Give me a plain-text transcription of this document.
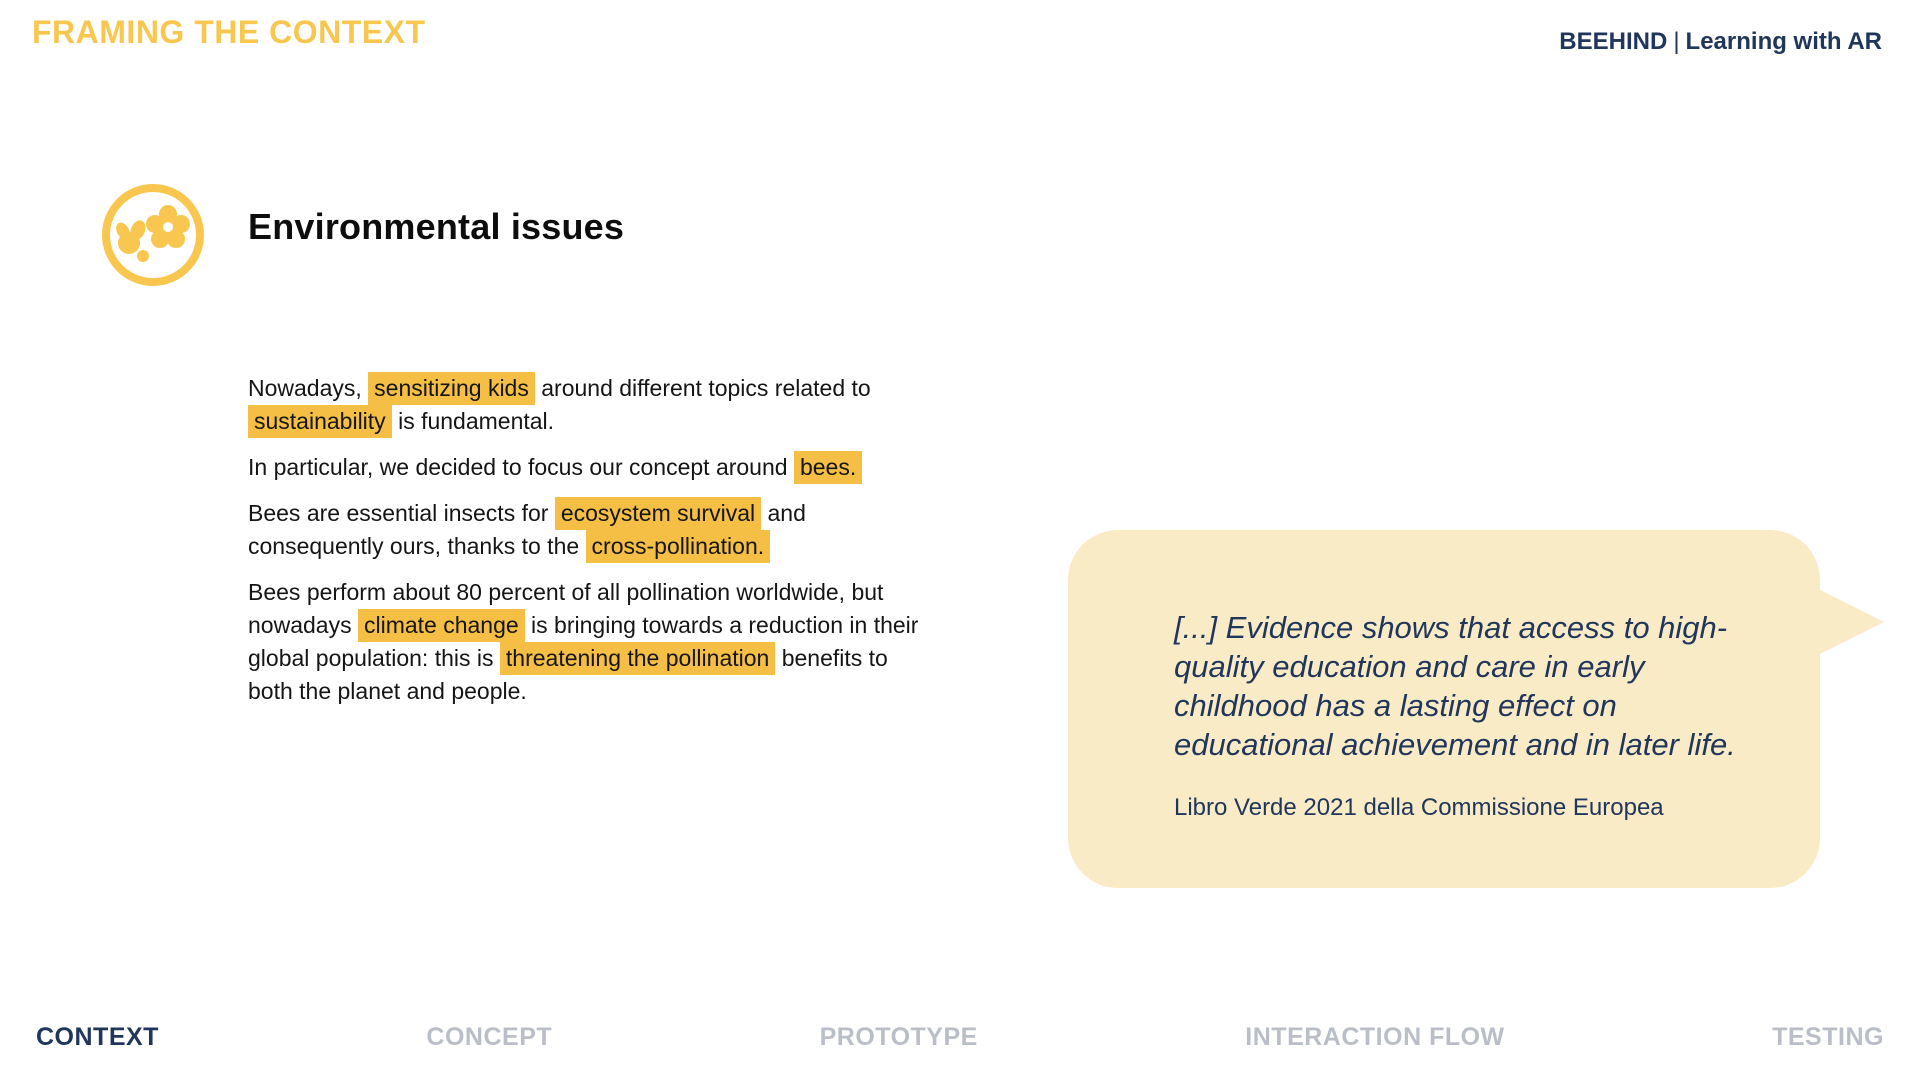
FRAMING THE CONTEXT	BEEHIND | Learning with AR
Environmental issues
Nowadays, sensitizing kids around different topics related to
sustainability is fundamental.
In particular, we decided to focus our concept around bees.
Bees are essential insects for ecosystem survival and
consequently ours, thanks to the cross-pollination.
Bees perform about 80 percent of all pollination worldwide, but
nowadays climate change is bringing towards a reduction in their
global population: this is threatening the pollination benefits to
both the planet and people.
[...] Evidence shows that access to high-
quality education and care in early
childhood has a lasting effect on
educational achievement and in later life.
Libro Verde 2021 della Commissione Europea
CONTEXT	CONCEPT	PROTOTYPE	INTERACTION FLOW	TESTING
